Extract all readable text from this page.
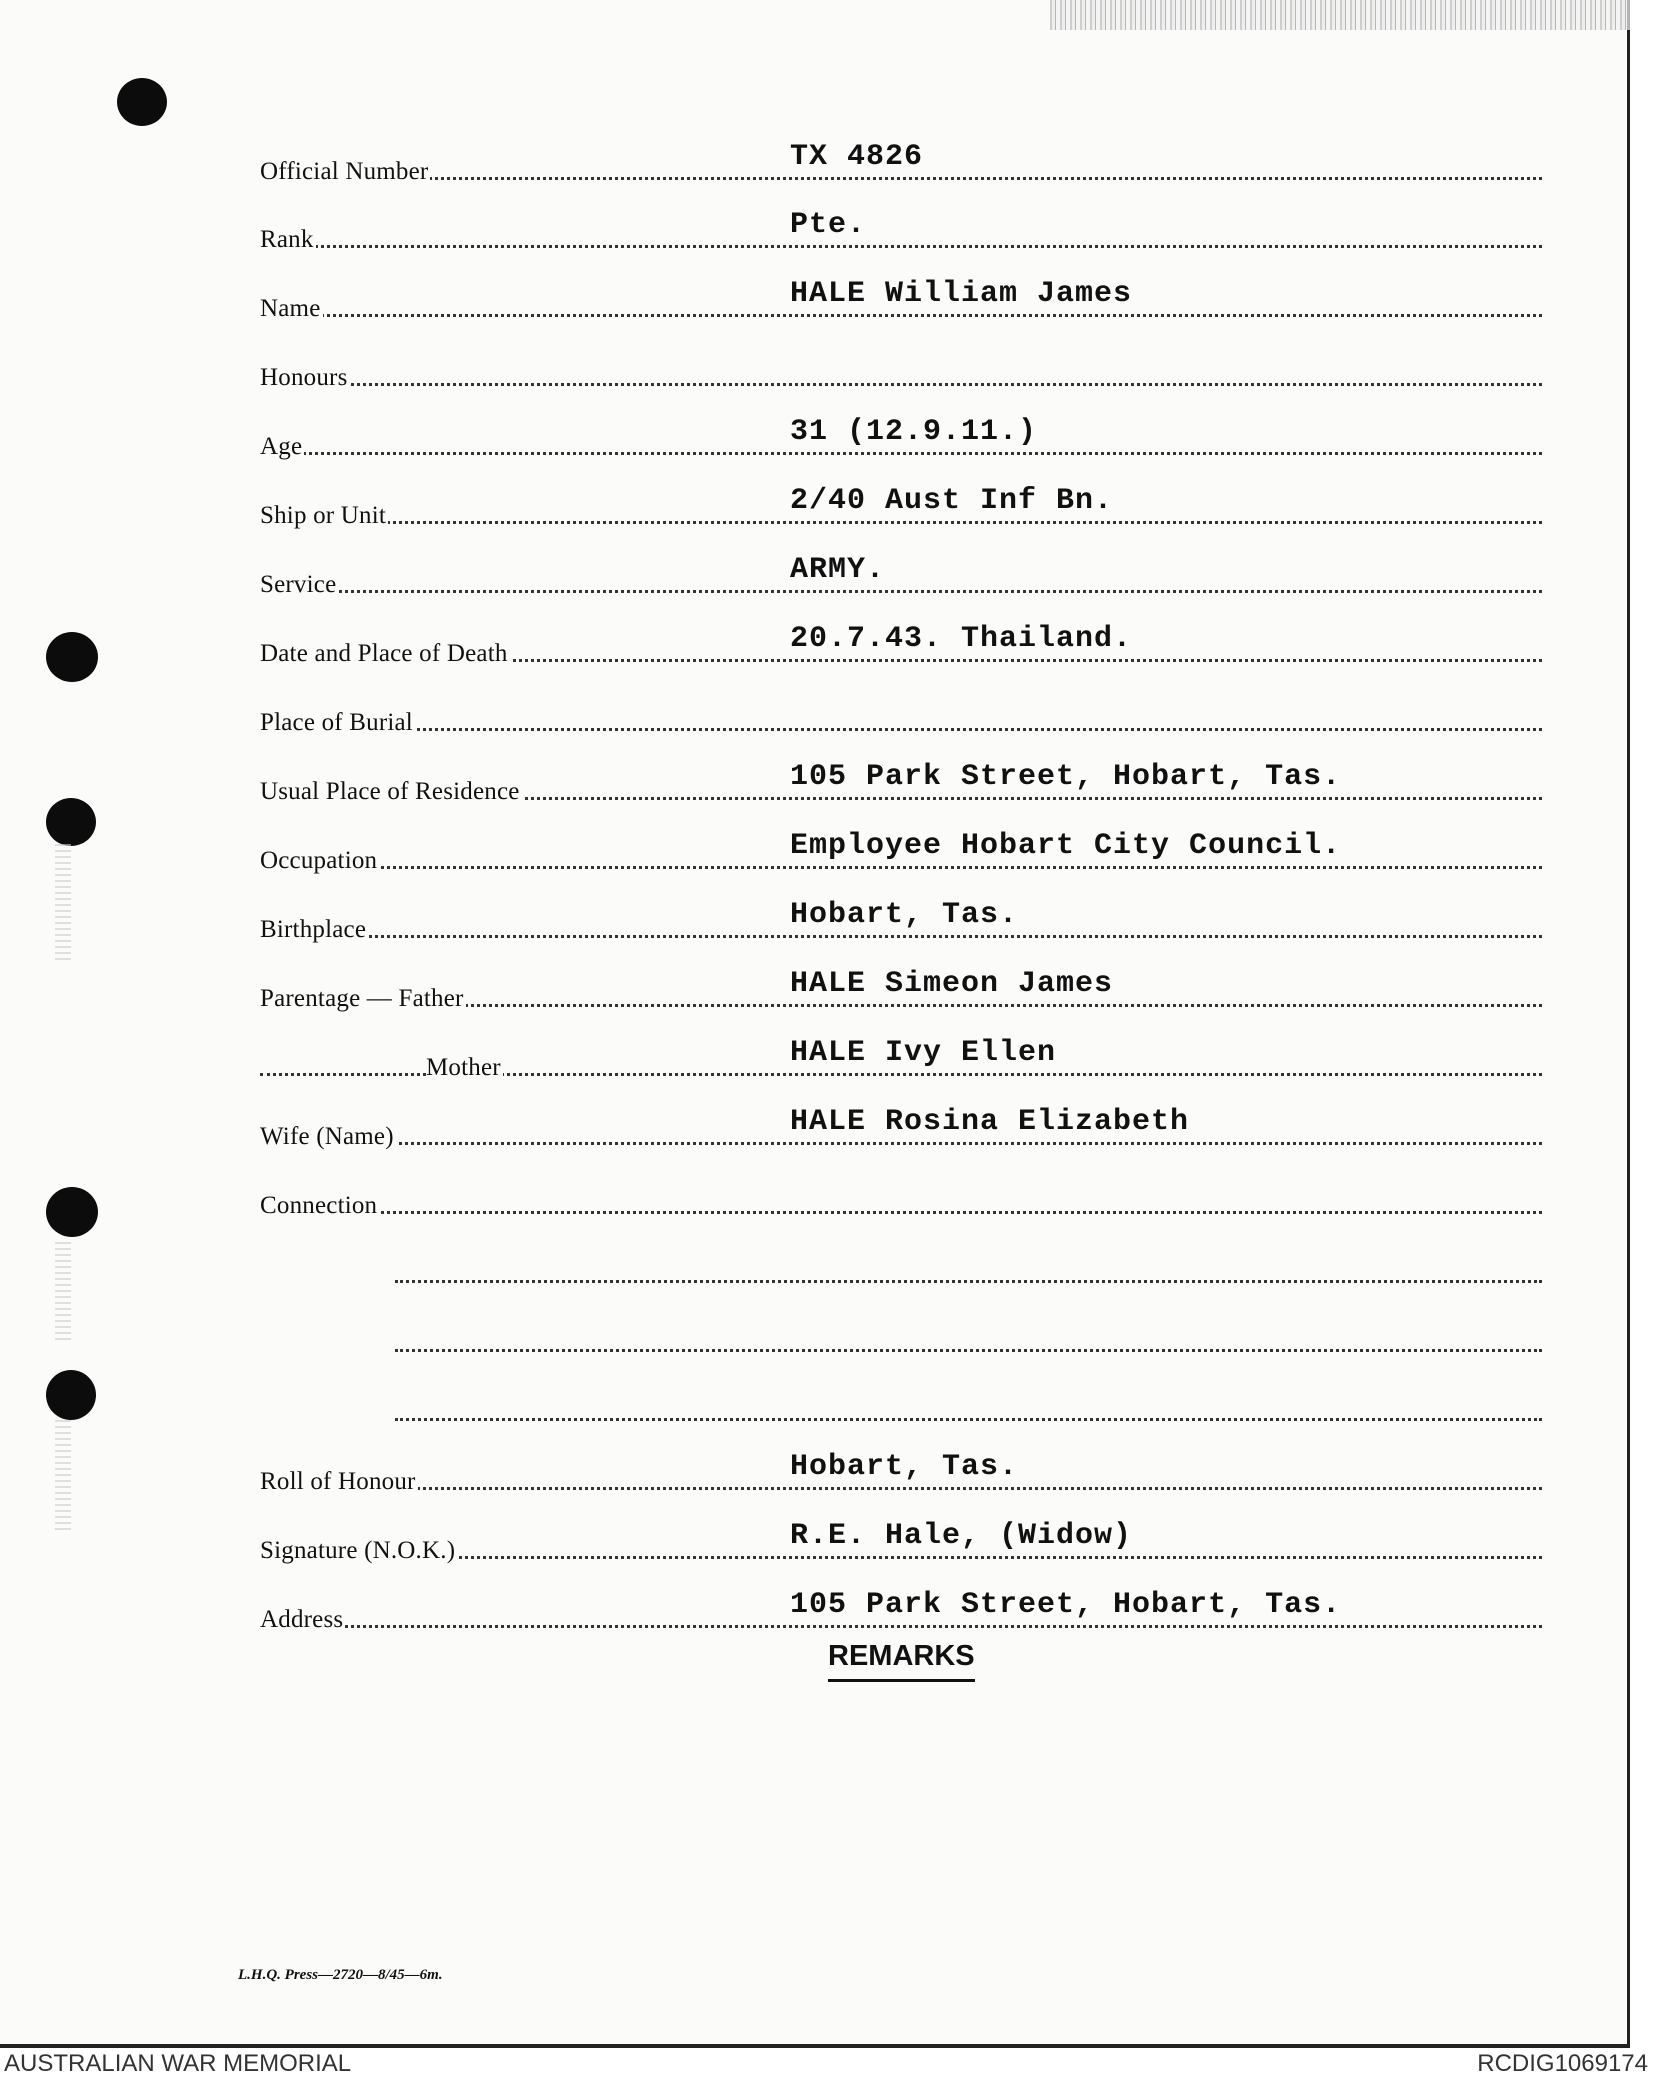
Official Number	TX 4826
Rank	Pte.
Name	HALE William James
Honours
Age	31 (12.9.11.)
Ship or Unit	2/40 Aust Inf Bn.
Service	ARMY.
Date and Place of Death	20.7.43. Thailand.
Place of Burial
Usual Place of Residence	105 Park Street, Hobart, Tas.
Occupation	Employee Hobart City Council.
Birthplace	Hobart, Tas.
Parentage — Father	HALE Simeon James
Mother	HALE Ivy Ellen
Wife (Name)	HALE Rosina Elizabeth
Connection
Roll of Honour	Hobart, Tas.
Signature (N.O.K.)	R.E. Hale, (Widow)
Address	105 Park Street, Hobart, Tas.
REMARKS
L.H.Q. Press—2720—8/45—6m.
AUSTRALIAN WAR MEMORIAL	RCDIG1069174
